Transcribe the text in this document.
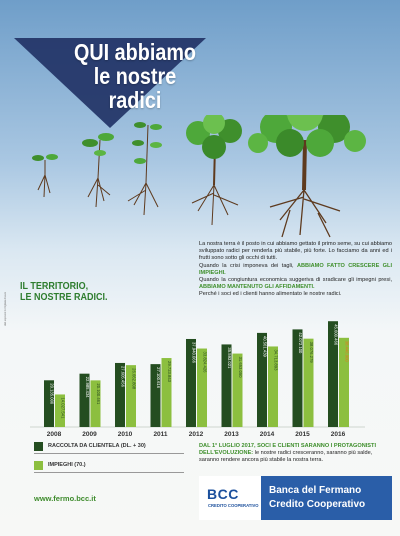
QUI abbiamo
le nostre
radici
La nostra terra è il posto in cui abbiamo gettato il primo seme, su cui abbiamo sviluppato radici per renderla più stabile, più forte. Lo facciamo da anni ed i frutti sono sotto gli occhi di tutti.
Quando la crisi imponeva dei tagli, ABBIAMO FATTO CRESCERE GLI IMPIEGHI.
Quando la congiuntura economica suggeriva di sradicare gli impegni presi, ABBIAMO MANTENUTO GLI AFFIDAMENTI.
Perché i soci ed i clienti hanno alimentato le nostre radici.
IL TERRITORIO,
LE NOSTRE RADICI.
dati espressi in migliaia di euro
20.135.000
14.027.541
2008
22.985.434 20.100.461
2009
27.605.456 26.662.808
2010
27.100.616 29.723.843
2011
37.940.066 33.824.426
2012
35.593.021 31.653.050
2013
40.561.439
34.713.893
2014
42.072.100 38.076.279
2015
45.600.466
38.446.900
2016
RACCOLTA DA CLIENTELA (DL. + 30)
IMPIEGHI (70.)
DAL 1° LUGLIO 2017, SOCI E CLIENTI SARANNO I PROTAGONISTI DELL'EVOLUZIONE: le nostre radici cresceranno, saranno più salde, saranno rendere ancora più stabile la nostra terra.
www.fermo.bcc.it	BCC
CREDITO COOPERATIVO
Banca del Fermano
Credito Cooperativo
